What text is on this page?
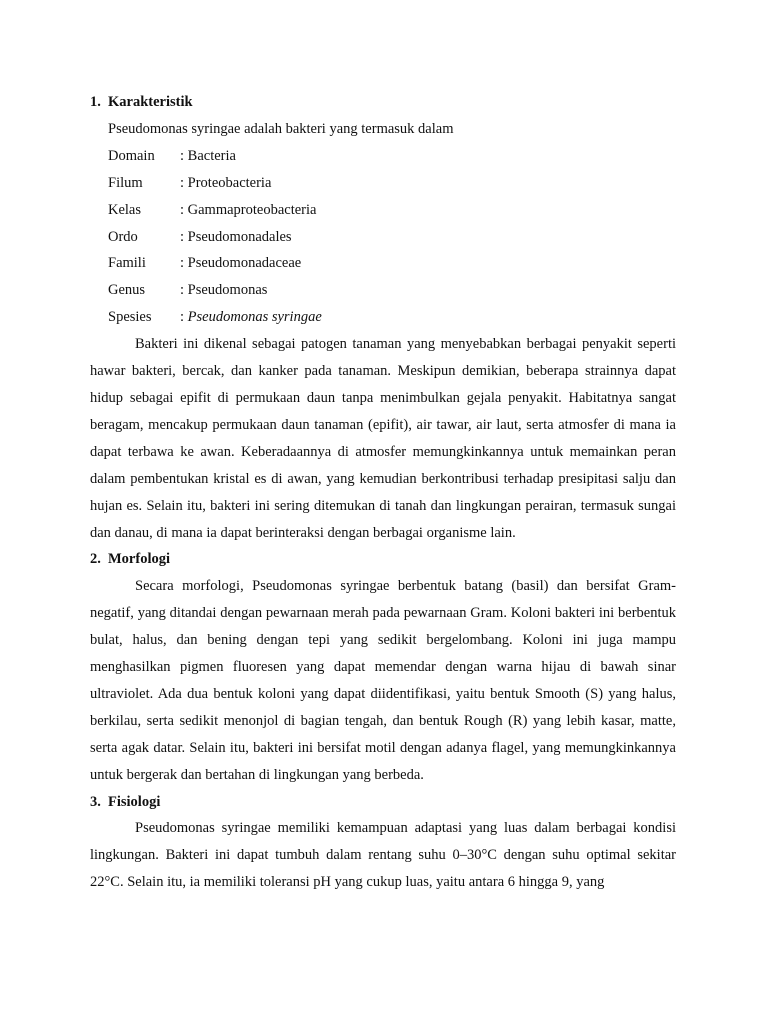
1. Karakteristik
Pseudomonas syringae adalah bakteri yang termasuk dalam
Domain	: Bacteria
Filum	: Proteobacteria
Kelas	: Gammaproteobacteria
Ordo	: Pseudomonadales
Famili	: Pseudomonadaceae
Genus	: Pseudomonas
Spesies	: Pseudomonas syringae

Bakteri ini dikenal sebagai patogen tanaman yang menyebabkan berbagai penyakit seperti hawar bakteri, bercak, dan kanker pada tanaman. Meskipun demikian, beberapa strainnya dapat hidup sebagai epifit di permukaan daun tanpa menimbulkan gejala penyakit. Habitatnya sangat beragam, mencakup permukaan daun tanaman (epifit), air tawar, air laut, serta atmosfer di mana ia dapat terbawa ke awan. Keberadaannya di atmosfer memungkinkannya untuk memainkan peran dalam pembentukan kristal es di awan, yang kemudian berkontribusi terhadap presipitasi salju dan hujan es. Selain itu, bakteri ini sering ditemukan di tanah dan lingkungan perairan, termasuk sungai dan danau, di mana ia dapat berinteraksi dengan berbagai organisme lain.

2. Morfologi

Secara morfologi, Pseudomonas syringae berbentuk batang (basil) dan bersifat Gram-negatif, yang ditandai dengan pewarnaan merah pada pewarnaan Gram. Koloni bakteri ini berbentuk bulat, halus, dan bening dengan tepi yang sedikit bergelombang. Koloni ini juga mampu menghasilkan pigmen fluoresen yang dapat memendar dengan warna hijau di bawah sinar ultraviolet. Ada dua bentuk koloni yang dapat diidentifikasi, yaitu bentuk Smooth (S) yang halus, berkilau, serta sedikit menonjol di bagian tengah, dan bentuk Rough (R) yang lebih kasar, matte, serta agak datar. Selain itu, bakteri ini bersifat motil dengan adanya flagel, yang memungkinkannya untuk bergerak dan bertahan di lingkungan yang berbeda.

3. Fisiologi

Pseudomonas syringae memiliki kemampuan adaptasi yang luas dalam berbagai kondisi lingkungan. Bakteri ini dapat tumbuh dalam rentang suhu 0–30°C dengan suhu optimal sekitar 22°C. Selain itu, ia memiliki toleransi pH yang cukup luas, yaitu antara 6 hingga 9, yang
